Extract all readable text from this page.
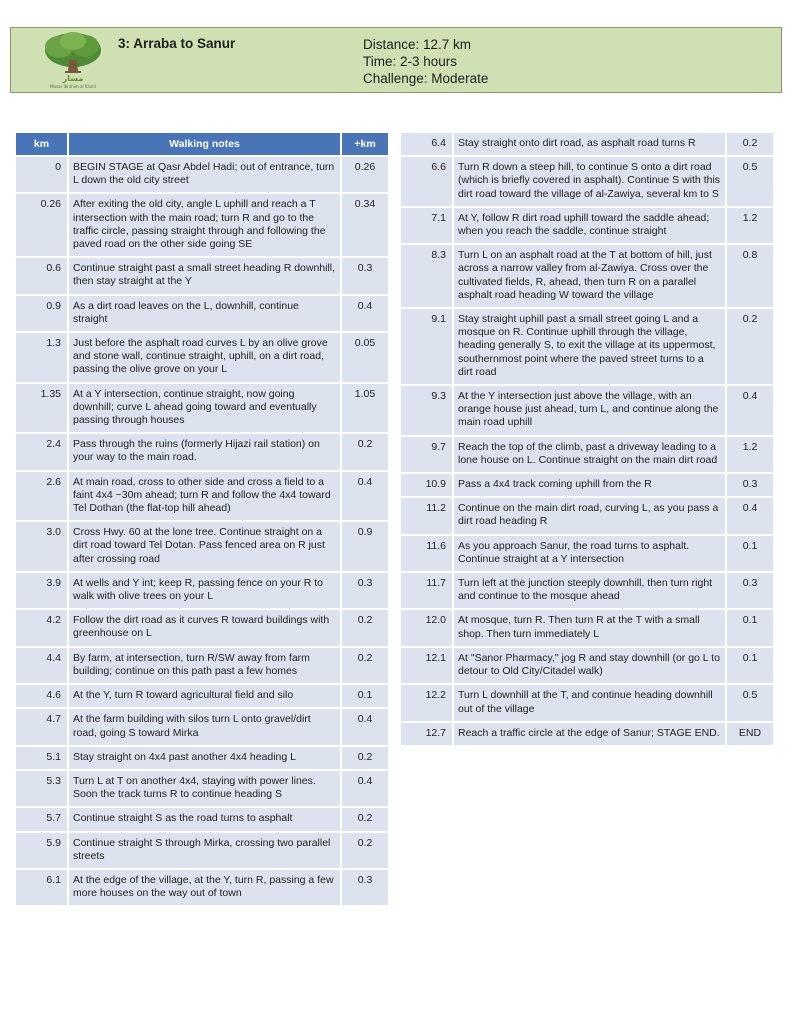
مسار
Masar Ibrahim al Khalil
3: Arraba to Sanur	Distance: 12.7 km
Time: 2-3 hours
Challenge: Moderate
km	Walking notes	+km
0	BEGIN STAGE at Qasr Abdel Hadi; out of entrance, turn L down the old city street	0.26
0.26	After exiting the old city, angle L uphill and reach a T intersection with the main road; turn R and go to the traffic circle, passing straight through and following the paved road on the other side going SE	0.34
0.6	Continue straight past a small street heading R downhill, then stay straight at the Y	0.3
0.9	As a dirt road leaves on the L, downhill, continue straight	0.4
1.3	Just before the asphalt road curves L by an olive grove and stone wall, continue straight, uphill, on a dirt road, passing the olive grove on your L	0.05
1.35	At a Y intersection, continue straight, now going downhill; curve L ahead going toward and eventually passing through houses	1.05
2.4	Pass through the ruins (formerly Hijazi rail station) on your way to the main road.	0.2
2.6	At main road, cross to other side and cross a field to a faint 4x4 ~30m ahead; turn R and follow the 4x4 toward Tel Dothan (the flat-top hill ahead)	0.4
3.0	Cross Hwy. 60 at the lone tree. Continue straight on a dirt road toward Tel Dotan. Pass fenced area on R just after crossing road	0.9
3.9	At wells and Y int; keep R, passing fence on your R to walk with olive trees on your L	0.3
4.2	Follow the dirt road as it curves R toward buildings with greenhouse on L	0.2
4.4	By farm, at intersection, turn R/SW away from farm building; continue on this path past a few homes	0.2
4.6	At the Y, turn R toward agricultural field and silo	0.1
4.7	At the farm building with silos turn L onto gravel/dirt road, going S toward Mirka	0.4
5.1	Stay straight on 4x4 past another 4x4 heading L	0.2
5.3	Turn L at T on another 4x4, staying with power lines. Soon the track turns R to continue heading S	0.4
5.7	Continue straight S as the road turns to asphalt	0.2
5.9	Continue straight S through Mirka, crossing two parallel streets	0.2
6.1	At the edge of the village, at the Y, turn R, passing a few more houses on the way out of town	0.3
6.4	Stay straight onto dirt road, as asphalt road turns R	0.2
6.6	Turn R down a steep hill, to continue S onto a dirt road (which is briefly covered in asphalt). Continue S with this dirt road toward the village of al-Zawiya, several km to S	0.5
7.1	At Y, follow R dirt road uphill toward the saddle ahead; when you reach the saddle, continue straight	1.2
8.3	Turn L on an asphalt road at the T at bottom of hill, just across a narrow valley from al-Zawiya. Cross over the cultivated fields, R, ahead, then turn R on a parallel asphalt road heading W toward the village	0.8
9.1	Stay straight uphill past a small street going L and a mosque on R. Continue uphill through the village, heading generally S, to exit the village at its uppermost, southernmost point where the paved street turns to a dirt road	0.2
9.3	At the Y intersection just above the village, with an orange house just ahead, turn L, and continue along the main road uphill	0.4
9.7	Reach the top of the climb, past a driveway leading to a lone house on L. Continue straight on the main dirt road	1.2
10.9	Pass a 4x4 track coming uphill from the R	0.3
11.2	Continue on the main dirt road, curving L, as you pass a dirt road heading R	0.4
11.6	As you approach Sanur, the road turns to asphalt. Continue straight at a Y intersection	0.1
11.7	Turn left at the junction steeply downhill, then turn right and continue to the mosque ahead	0.3
12.0	At mosque, turn R. Then turn R at the T with a small shop. Then turn immediately L	0.1
12.1	At "Sanor Pharmacy," jog R and stay downhill (or go L to detour to Old City/Citadel walk)	0.1
12.2	Turn L downhill at the T, and continue heading downhill out of the village	0.5
12.7	Reach a traffic circle at the edge of Sanur; STAGE END.	END
